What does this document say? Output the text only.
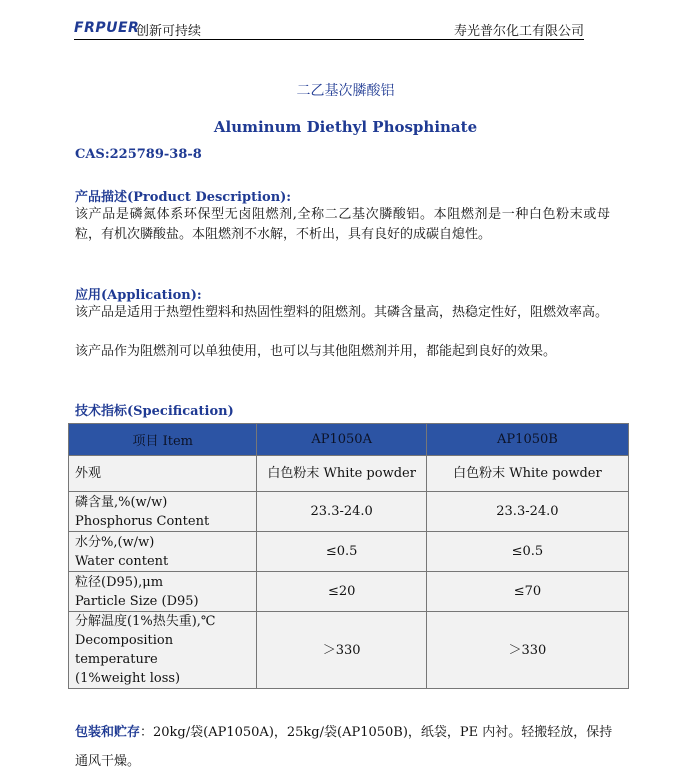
FRPUER
创新可持续	寿光普尔化工有限公司
二乙基次膦酸铝
Aluminum Diethyl Phosphinate
CAS:225789-38-8
产品描述(Product Description):
该产品是磷氮体系环保型无卤阻燃剂,全称二乙基次膦酸铝。本阻燃剂是一种白色粉末或母粒，有机次膦酸盐。本阻燃剂不水解，不析出，具有良好的成碳自熄性。
应用(Application):
该产品是适用于热塑性塑料和热固性塑料的阻燃剂。其磷含量高，热稳定性好，阻燃效率高。
该产品作为阻燃剂可以单独使用，也可以与其他阻燃剂并用，都能起到良好的效果。
技术指标(Specification)
项目 Item	AP1050A	AP1050B
外观	白色粉末 White powder	白色粉末 White powder

磷含量,%(w/w)
Phosphorus Content	23.3-24.0	23.3-24.0

水分%,(w/w)
Water content	≤0.5	≤0.5

粒径(D95),μm
Particle Size (D95)	≤20	≤70

分解温度(1%热失重),℃
Decomposition temperature
(1%weight loss)	＞330	＞330
包装和贮存：20kg/袋(AP1050A)，25kg/袋(AP1050B)，纸袋，PE 内衬。轻搬轻放，保持通风干燥。
